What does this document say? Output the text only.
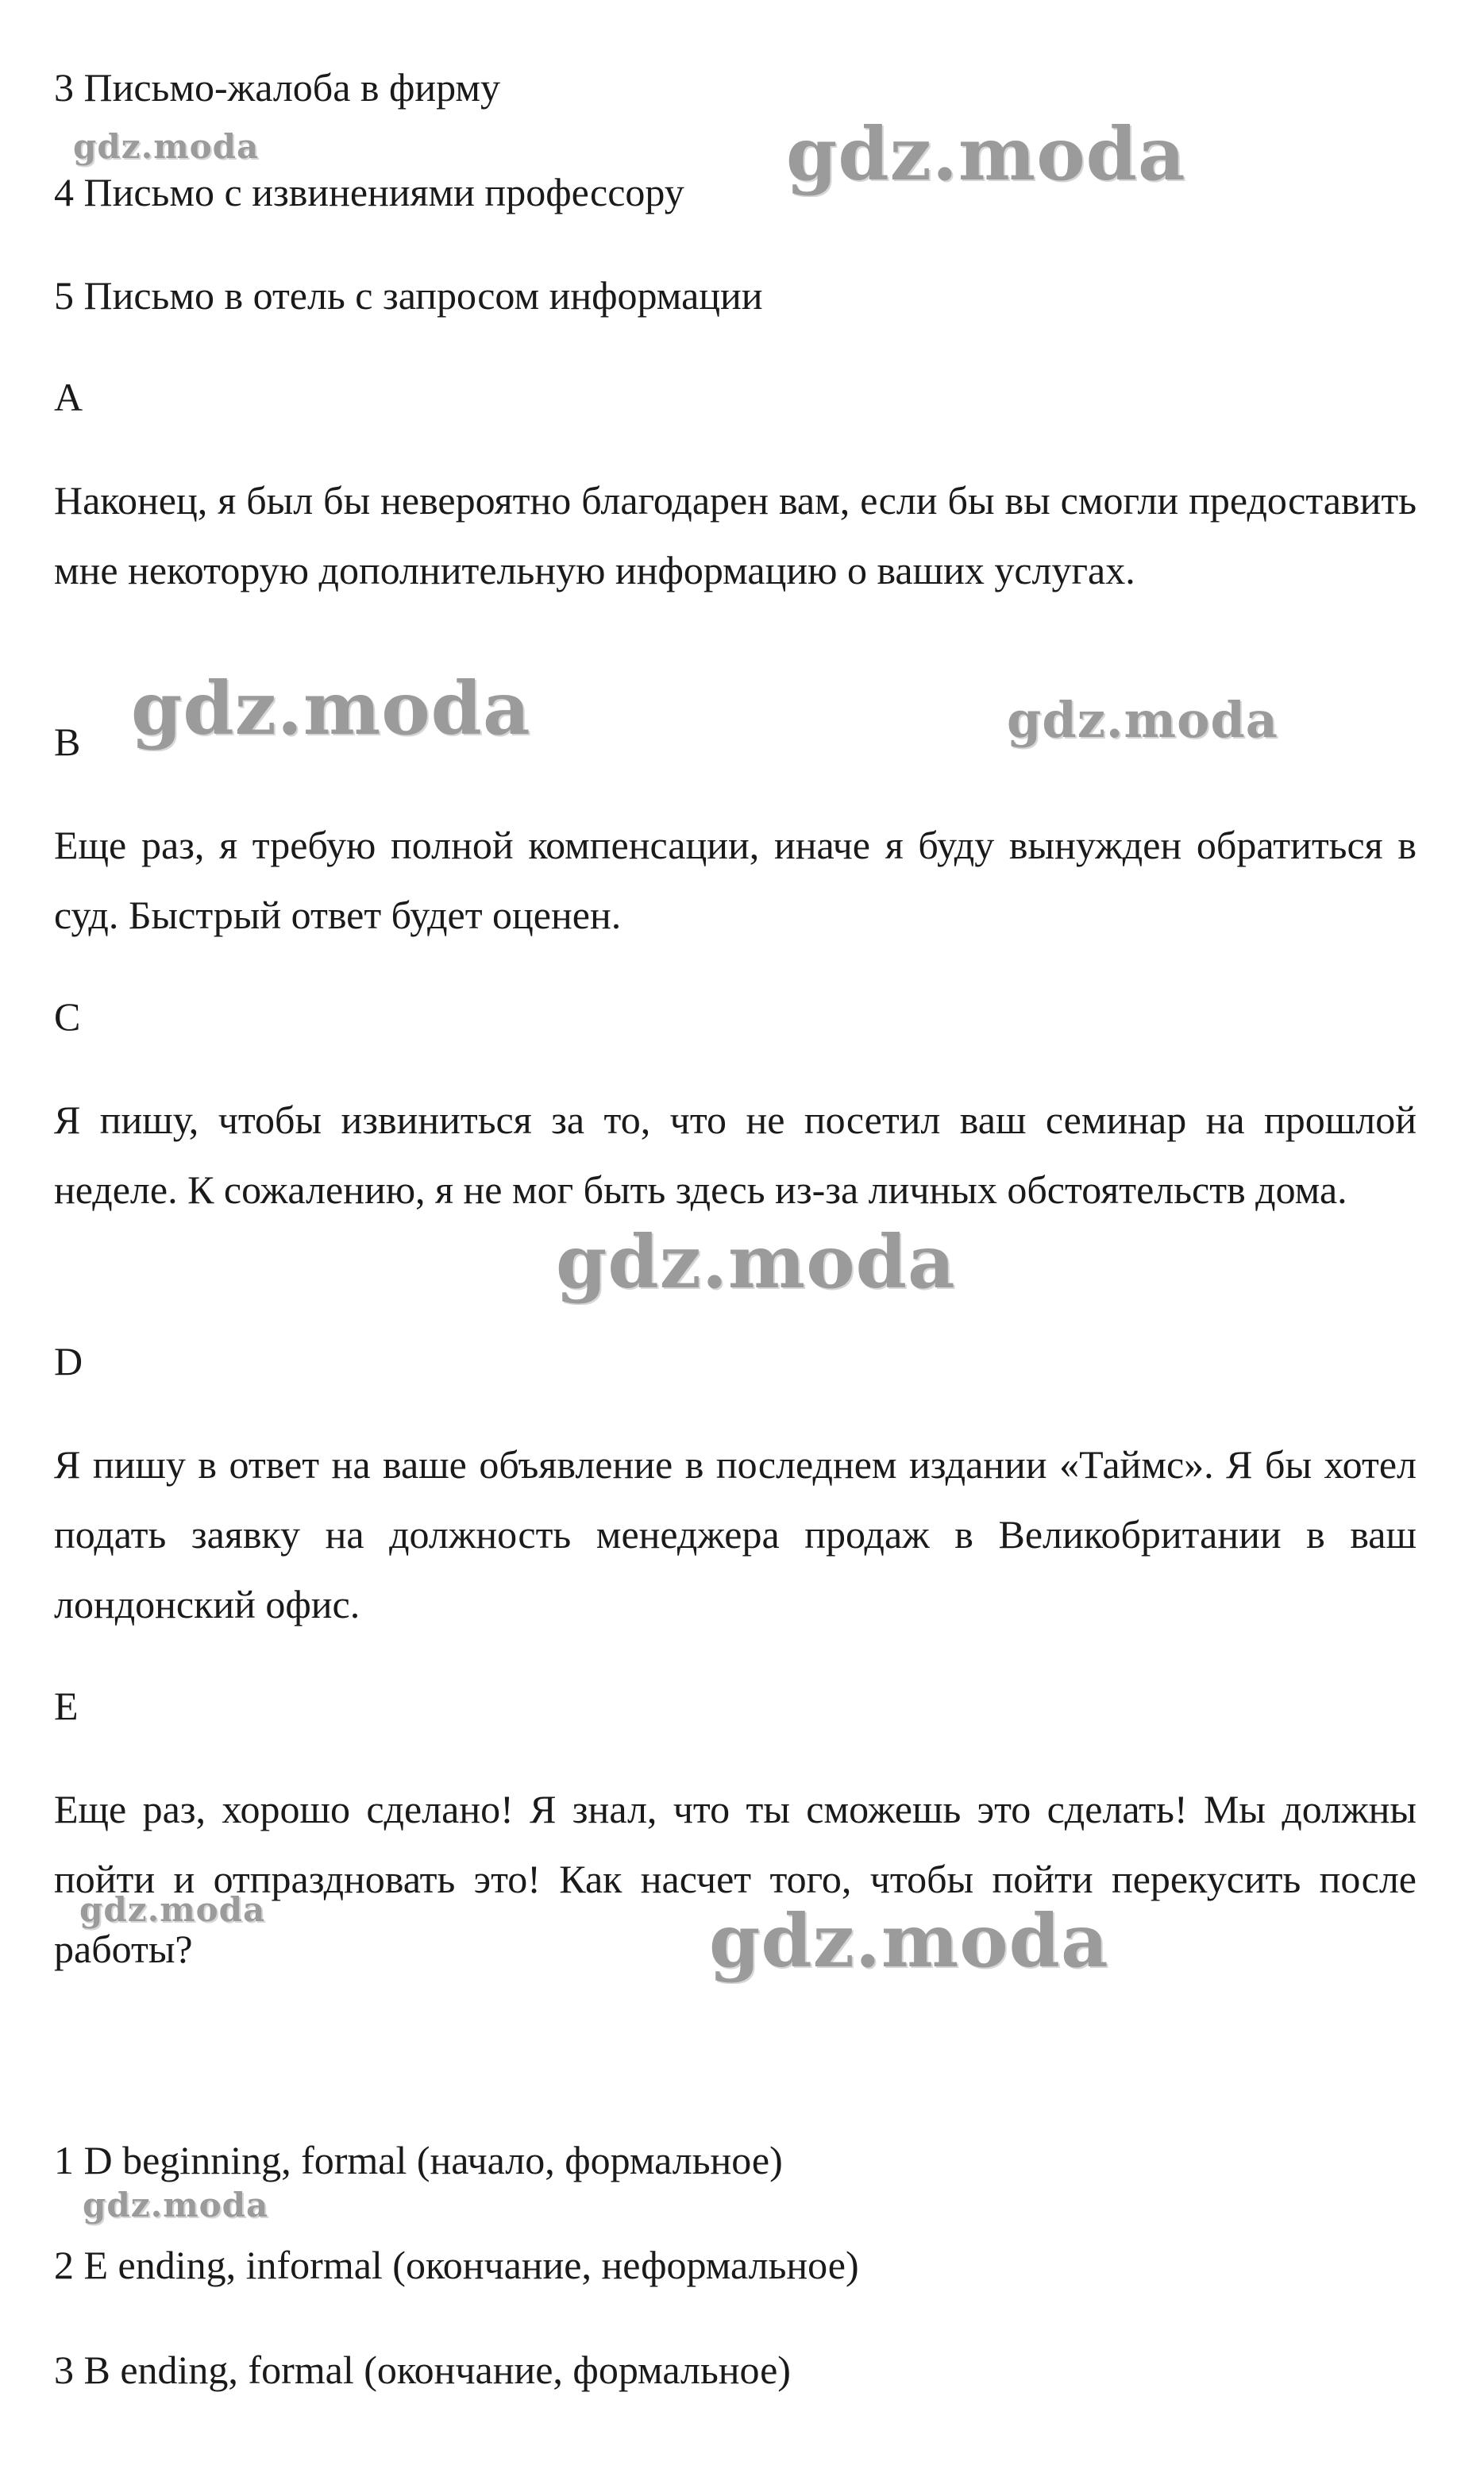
3 Письмо-жалоба в фирму
4 Письмо с извинениями профессору
5 Письмо в отель с запросом информации
A
Наконец, я был бы невероятно благодарен вам, если бы вы смогли предоставить мне некоторую дополнительную информацию о ваших услугах.
B
Еще раз, я требую полной компенсации, иначе я буду вынужден обратиться в суд. Быстрый ответ будет оценен.
C
Я пишу, чтобы извиниться за то, что не посетил ваш семинар на прошлой неделе. К сожалению, я не мог быть здесь из-за личных обстоятельств дома.
D
Я пишу в ответ на ваше объявление в последнем издании «Таймс». Я бы хотел подать заявку на должность менеджера продаж в Великобритании в ваш лондонский офис.
E
Еще раз, хорошо сделано! Я знал, что ты сможешь это сделать! Мы должны пойти и отпраздновать это! Как насчет того, чтобы пойти перекусить после работы?
1 D beginning, formal (начало, формальное)
2 E ending, informal (окончание, неформальное)
3 B ending, formal (окончание, формальное)
gdz.moda	gdz.moda
gdz.moda	gdz.moda
gdz.moda
gdz.moda	gdz.moda
gdz.moda
